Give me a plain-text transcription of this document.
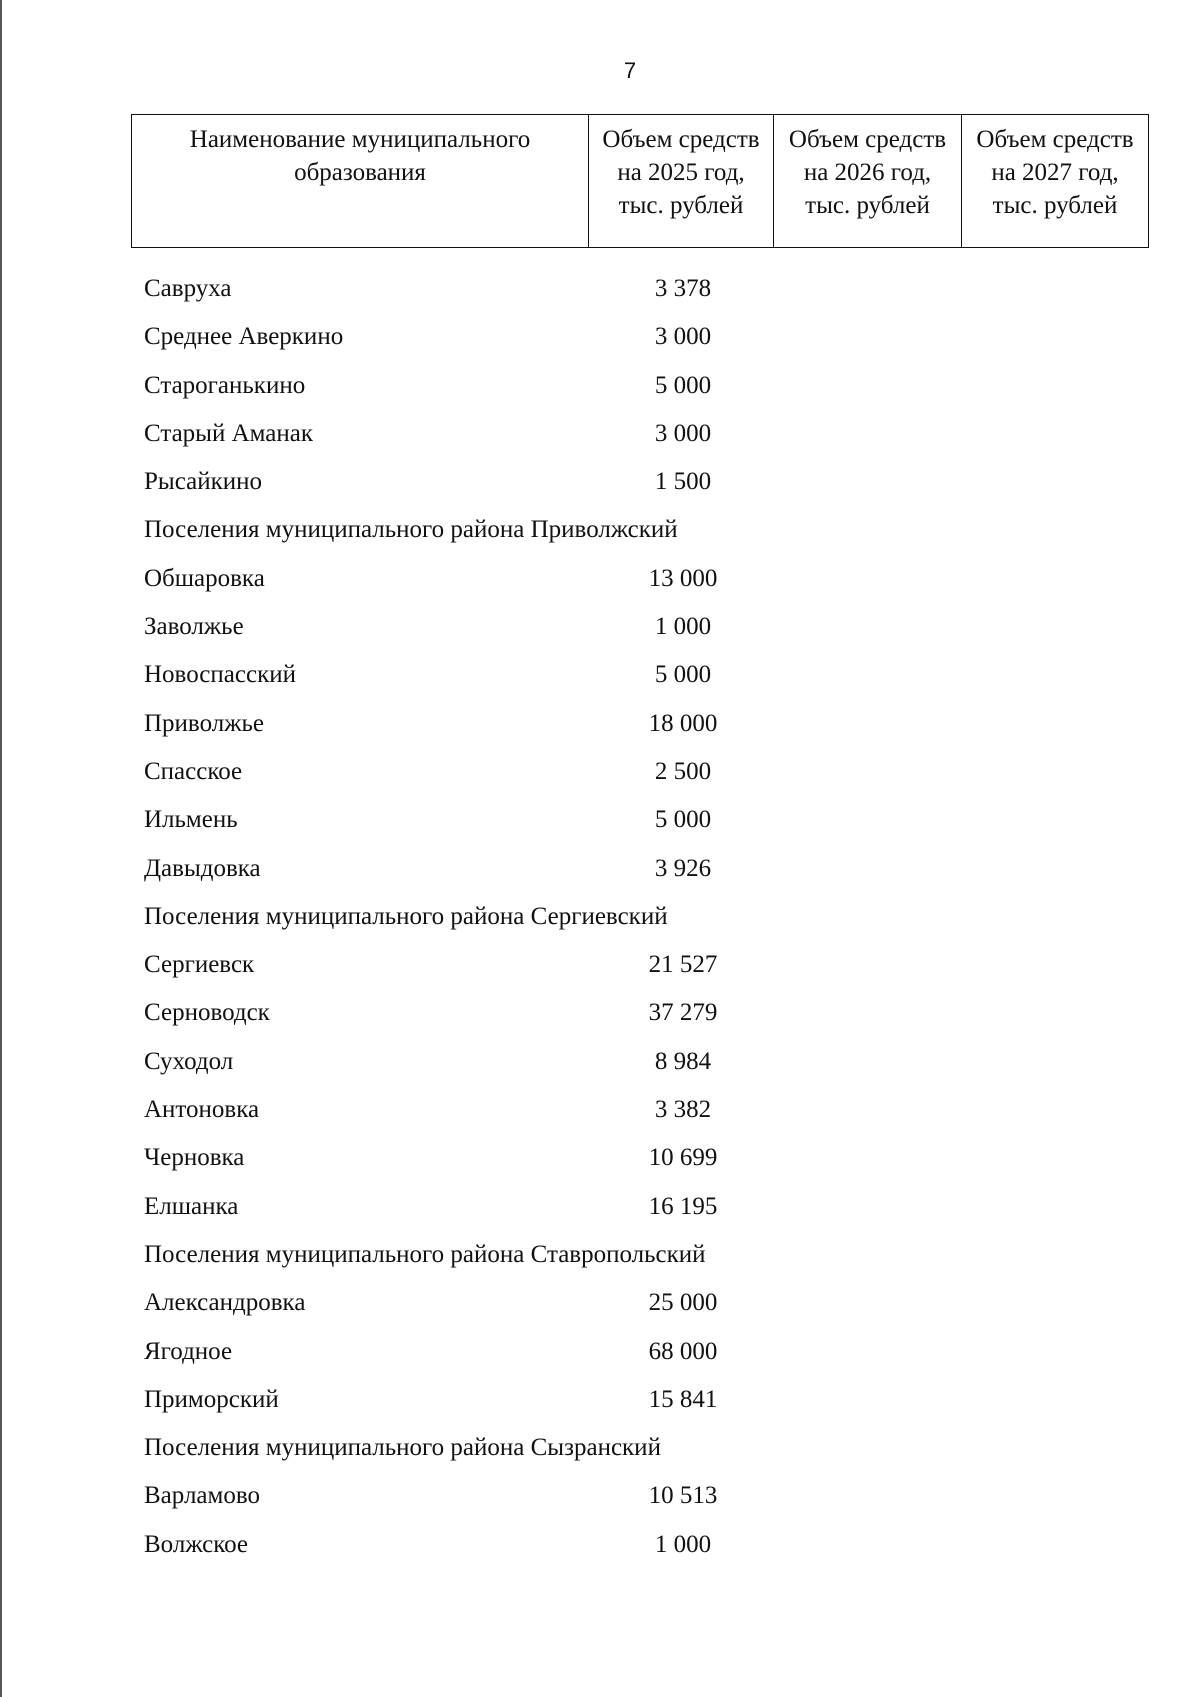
7
Наименование муниципального образования	Объем средств на 2025 год, тыс. рублей	Объем средств на 2026 год, тыс. рублей	Объем средств на 2027 год, тыс. рублей
Савруха	3 378
Среднее Аверкино	3 000
Староганькино	5 000
Старый Аманак	3 000
Рысайкино	1 500
Поселения муниципального района Приволжский
Обшаровка	13 000
Заволжье	1 000
Новоспасский	5 000
Приволжье	18 000
Спасское	2 500
Ильмень	5 000
Давыдовка	3 926
Поселения муниципального района Сергиевский
Сергиевск	21 527
Серноводск	37 279
Суходол	8 984
Антоновка	3 382
Черновка	10 699
Елшанка	16 195
Поселения муниципального района Ставропольский
Александровка	25 000
Ягодное	68 000
Приморский	15 841
Поселения муниципального района Сызранский
Варламово	10 513
Волжское	1 000
